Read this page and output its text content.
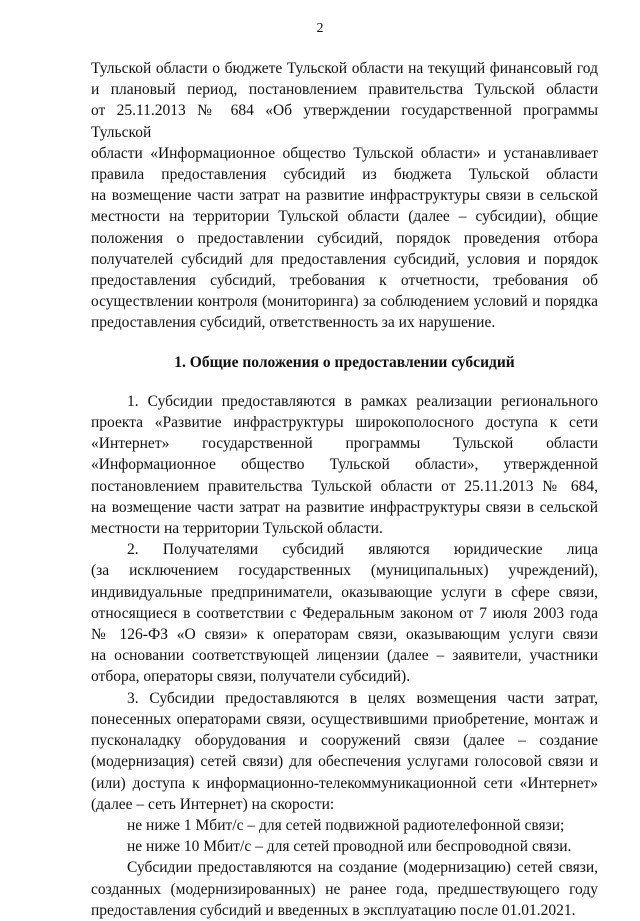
2

Тульской области о бюджете Тульской области на текущий финансовый год

и плановый период, постановлением правительства Тульской области

от 25.11.2013 № 684 «Об утверждении государственной программы Тульской

области «Информационное общество Тульской области» и устанавливает

правила предоставления субсидий из бюджета Тульской области

на возмещение части затрат на развитие инфраструктуры связи в сельской

местности на территории Тульской области (далее – субсидии), общие

положения о предоставлении субсидий, порядок проведения отбора

получателей субсидий для предоставления субсидий, условия и порядок

предоставления субсидий, требования к отчетности, требования об

осуществлении контроля (мониторинга) за соблюдением условий и порядка

предоставления субсидий, ответственность за их нарушение.

1. Общие положения о предоставлении субсидий

1. Субсидии предоставляются в рамках реализации регионального

проекта «Развитие инфраструктуры широкополосного доступа к сети

«Интернет» государственной программы Тульской области

«Информационное общество Тульской области», утвержденной

постановлением правительства Тульской области от 25.11.2013 № 684,

на возмещение части затрат на развитие инфраструктуры связи в сельской

местности на территории Тульской области.

2. Получателями субсидий являются юридические лица

(за исключением государственных (муниципальных) учреждений),

индивидуальные предприниматели, оказывающие услуги в сфере связи,

относящиеся в соответствии с Федеральным законом от 7 июля 2003 года

№ 126-ФЗ «О связи» к операторам связи, оказывающим услуги связи

на основании соответствующей лицензии (далее – заявители, участники

отбора, операторы связи, получатели субсидий).

3. Субсидии предоставляются в целях возмещения части затрат,

понесенных операторами связи, осуществившими приобретение, монтаж и

пусконаладку оборудования и сооружений связи (далее – создание

(модернизация) сетей связи) для обеспечения услугами голосовой связи и

(или) доступа к информационно-телекоммуникационной сети «Интернет»

(далее – сеть Интернет) на скорости:

не ниже 1 Мбит/с – для сетей подвижной радиотелефонной связи;

не ниже 10 Мбит/с – для сетей проводной или беспроводной связи.

Субсидии предоставляются на создание (модернизацию) сетей связи,

созданных (модернизированных) не ранее года, предшествующего году

предоставления субсидий и введенных в эксплуатацию после 01.01.2021.
